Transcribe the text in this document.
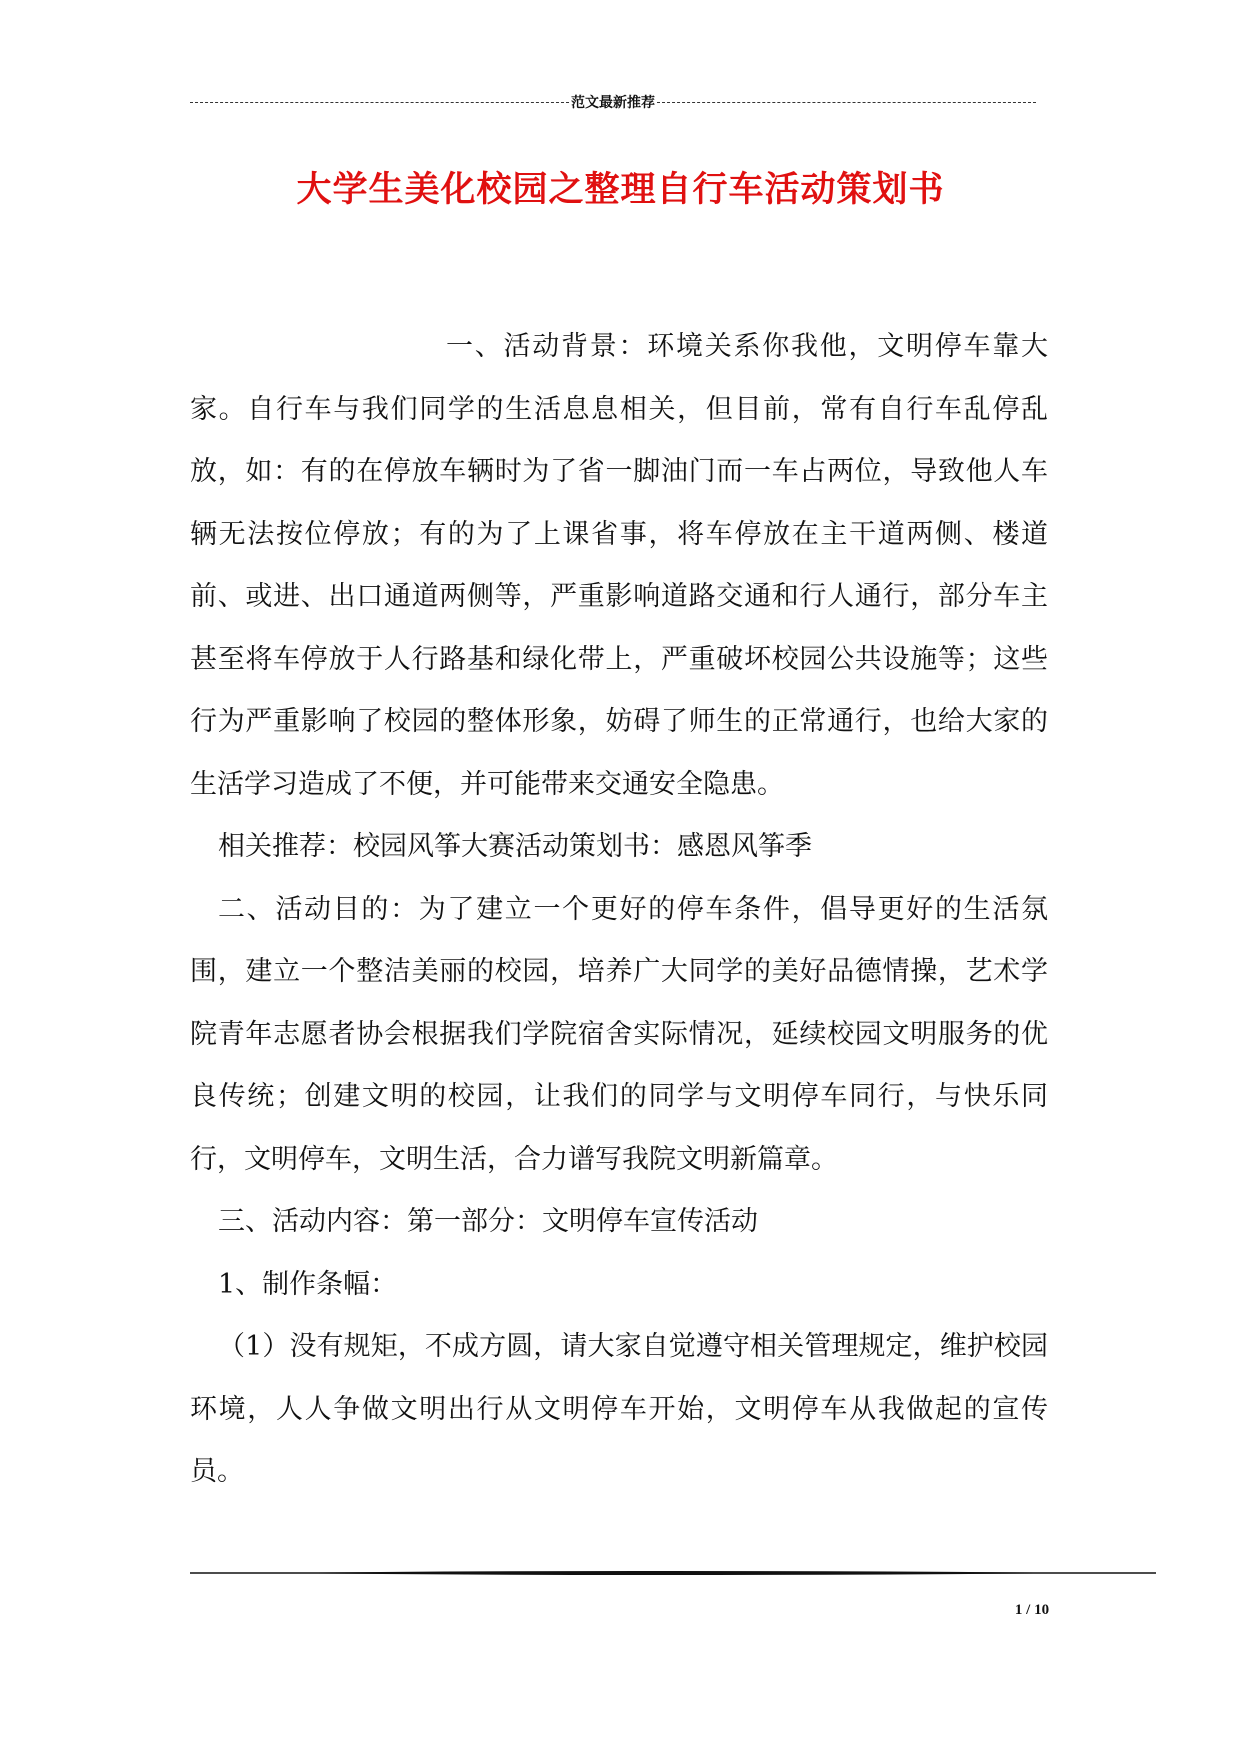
范文最新推荐
大学生美化校园之整理自行车活动策划书

一、活动背景：环境关系你我他，文明停车靠大家。自行车与我们同学的生活息息相关，但目前，常有自行车乱停乱放，如：有的在停放车辆时为了省一脚油门而一车占两位，导致他人车辆无法按位停放；有的为了上课省事，将车停放在主干道两侧、楼道前、或进、出口通道两侧等，严重影响道路交通和行人通行，部分车主甚至将车停放于人行路基和绿化带上，严重破坏校园公共设施等；这些行为严重影响了校园的整体形象，妨碍了师生的正常通行，也给大家的生活学习造成了不便，并可能带来交通安全隐患。

相关推荐：校园风筝大赛活动策划书：感恩风筝季

二、活动目的：为了建立一个更好的停车条件，倡导更好的生活氛围，建立一个整洁美丽的校园，培养广大同学的美好品德情操，艺术学院青年志愿者协会根据我们学院宿舍实际情况，延续校园文明服务的优良传统；创建文明的校园，让我们的同学与文明停车同行，与快乐同行，文明停车，文明生活，合力谱写我院文明新篇章。

三、活动内容：第一部分：文明停车宣传活动

1、制作条幅：

（1）没有规矩，不成方圆，请大家自觉遵守相关管理规定，维护校园环境，人人争做文明出行从文明停车开始，文明停车从我做起的宣传员。

1 / 10
